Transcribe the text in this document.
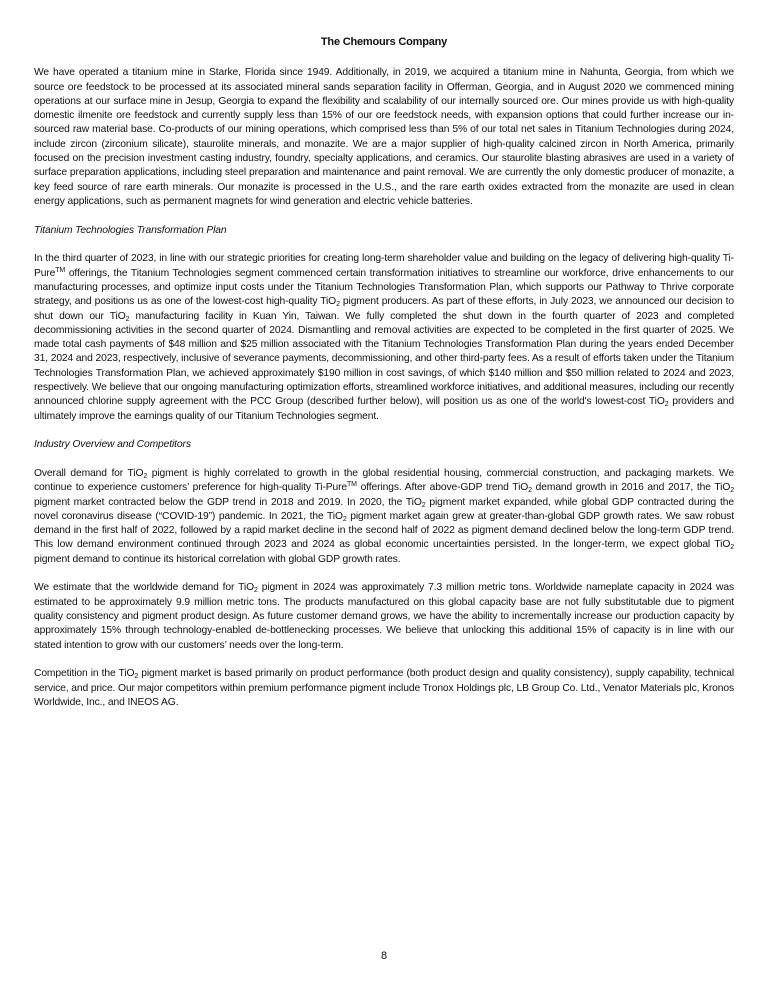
The Chemours Company

We have operated a titanium mine in Starke, Florida since 1949. Additionally, in 2019, we acquired a titanium mine in Nahunta, Georgia, from which we source ore feedstock to be processed at its associated mineral sands separation facility in Offerman, Georgia, and in August 2020 we commenced mining operations at our surface mine in Jesup, Georgia to expand the flexibility and scalability of our internally sourced ore. Our mines provide us with high-quality domestic ilmenite ore feedstock and currently supply less than 15% of our ore feedstock needs, with expansion options that could further increase our in-sourced raw material base. Co-products of our mining operations, which comprised less than 5% of our total net sales in Titanium Technologies during 2024, include zircon (zirconium silicate), staurolite minerals, and monazite. We are a major supplier of high-quality calcined zircon in North America, primarily focused on the precision investment casting industry, foundry, specialty applications, and ceramics. Our staurolite blasting abrasives are used in a variety of surface preparation applications, including steel preparation and maintenance and paint removal. We are currently the only domestic producer of monazite, a key feed source of rare earth minerals. Our monazite is processed in the U.S., and the rare earth oxides extracted from the monazite are used in clean energy applications, such as permanent magnets for wind generation and electric vehicle batteries.

Titanium Technologies Transformation Plan

In the third quarter of 2023, in line with our strategic priorities for creating long-term shareholder value and building on the legacy of delivering high-quality Ti-Pure™ offerings, the Titanium Technologies segment commenced certain transformation initiatives to streamline our workforce, drive enhancements to our manufacturing processes, and optimize input costs under the Titanium Technologies Transformation Plan, which supports our Pathway to Thrive corporate strategy, and positions us as one of the lowest-cost high-quality TiO$_2$ pigment producers. As part of these efforts, in July 2023, we announced our decision to shut down our TiO$_2$ manufacturing facility in Kuan Yin, Taiwan. We fully completed the shut down in the fourth quarter of 2023 and completed decommissioning activities in the second quarter of 2024. Dismantling and removal activities are expected to be completed in the first quarter of 2025. We made total cash payments of $48 million and $25 million associated with the Titanium Technologies Transformation Plan during the years ended December 31, 2024 and 2023, respectively, inclusive of severance payments, decommissioning, and other third-party fees. As a result of efforts taken under the Titanium Technologies Transformation Plan, we achieved approximately $190 million in cost savings, of which $140 million and $50 million related to 2024 and 2023, respectively. We believe that our ongoing manufacturing optimization efforts, streamlined workforce initiatives, and additional measures, including our recently announced chlorine supply agreement with the PCC Group (described further below), will position us as one of the world's lowest-cost TiO$_2$ providers and ultimately improve the earnings quality of our Titanium Technologies segment.

Industry Overview and Competitors

Overall demand for TiO$_2$ pigment is highly correlated to growth in the global residential housing, commercial construction, and packaging markets. We continue to experience customers’ preference for high-quality Ti-Pure™ offerings. After above-GDP trend TiO$_2$ demand growth in 2016 and 2017, the TiO$_2$ pigment market contracted below the GDP trend in 2018 and 2019. In 2020, the TiO$_2$ pigment market expanded, while global GDP contracted during the novel coronavirus disease (“COVID-19”) pandemic. In 2021, the TiO$_2$ pigment market again grew at greater-than-global GDP growth rates. We saw robust demand in the first half of 2022, followed by a rapid market decline in the second half of 2022 as pigment demand declined below the long-term GDP trend. This low demand environment continued through 2023 and 2024 as global economic uncertainties persisted. In the longer-term, we expect global TiO$_2$ pigment demand to continue its historical correlation with global GDP growth rates.

We estimate that the worldwide demand for TiO$_2$ pigment in 2024 was approximately 7.3 million metric tons. Worldwide nameplate capacity in 2024 was estimated to be approximately 9.9 million metric tons. The products manufactured on this global capacity base are not fully substitutable due to pigment quality consistency and pigment product design. As future customer demand grows, we have the ability to incrementally increase our production capacity by approximately 15% through technology-enabled de-bottlenecking processes. We believe that unlocking this additional 15% of capacity is in line with our stated intention to grow with our customers’ needs over the long-term.

Competition in the TiO$_2$ pigment market is based primarily on product performance (both product design and quality consistency), supply capability, technical service, and price. Our major competitors within premium performance pigment include Tronox Holdings plc, LB Group Co. Ltd., Venator Materials plc, Kronos Worldwide, Inc., and INEOS AG.

8
